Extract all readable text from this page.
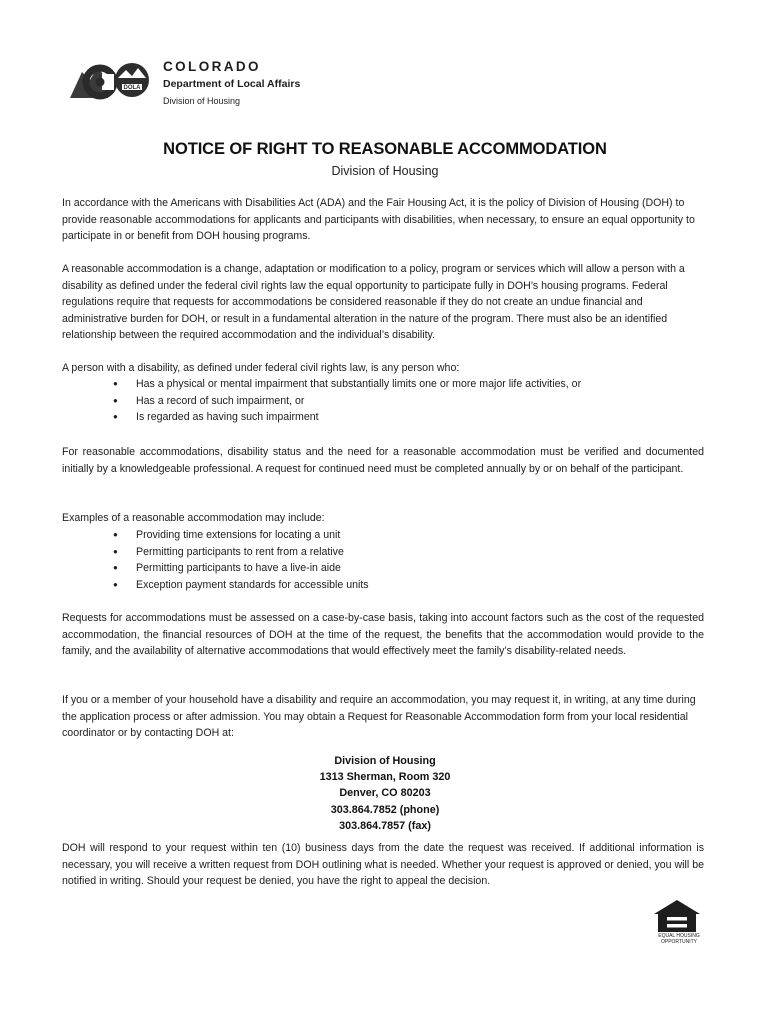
DOLA
COLORADO
Department of Local Affairs
Division of Housing
NOTICE OF RIGHT TO REASONABLE ACCOMMODATION
Division of Housing
In accordance with the Americans with Disabilities Act (ADA) and the Fair Housing Act, it is the policy of Division of Housing (DOH) to provide reasonable accommodations for applicants and participants with disabilities, when necessary, to ensure an equal opportunity to participate in or benefit from DOH housing programs.
A reasonable accommodation is a change, adaptation or modification to a policy, program or services which will allow a person with a disability as defined under the federal civil rights law the equal opportunity to participate fully in DOH’s housing programs. Federal regulations require that requests for accommodations be considered reasonable if they do not create an undue financial and administrative burden for DOH, or result in a fundamental alteration in the nature of the program. There must also be an identified relationship between the required accommodation and the individual’s disability.
A person with a disability, as defined under federal civil rights law, is any person who:
● Has a physical or mental impairment that substantially limits one or more major life activities, or
● Has a record of such impairment, or
● Is regarded as having such impairment
For reasonable accommodations, disability status and the need for a reasonable accommodation must be verified and documented initially by a knowledgeable professional. A request for continued need must be completed annually by or on behalf of the participant.
Examples of a reasonable accommodation may include:
● Providing time extensions for locating a unit
● Permitting participants to rent from a relative
● Permitting participants to have a live-in aide
● Exception payment standards for accessible units
Requests for accommodations must be assessed on a case-by-case basis, taking into account factors such as the cost of the requested accommodation, the financial resources of DOH at the time of the request, the benefits that the accommodation would provide to the family, and the availability of alternative accommodations that would effectively meet the family’s disability-related needs.
If you or a member of your household have a disability and require an accommodation, you may request it, in writing, at any time during the application process or after admission. You may obtain a Request for Reasonable Accommodation form from your local residential coordinator or by contacting DOH at:
Division of Housing
1313 Sherman, Room 320
Denver, CO 80203
303.864.7852 (phone)
303.864.7857 (fax)
DOH will respond to your request within ten (10) business days from the date the request was received. If additional information is necessary, you will receive a written request from DOH outlining what is needed. Whether your request is approved or denied, you will be notified in writing. Should your request be denied, you have the right to appeal the decision.
EQUAL HOUSING OPPORTUNITY
